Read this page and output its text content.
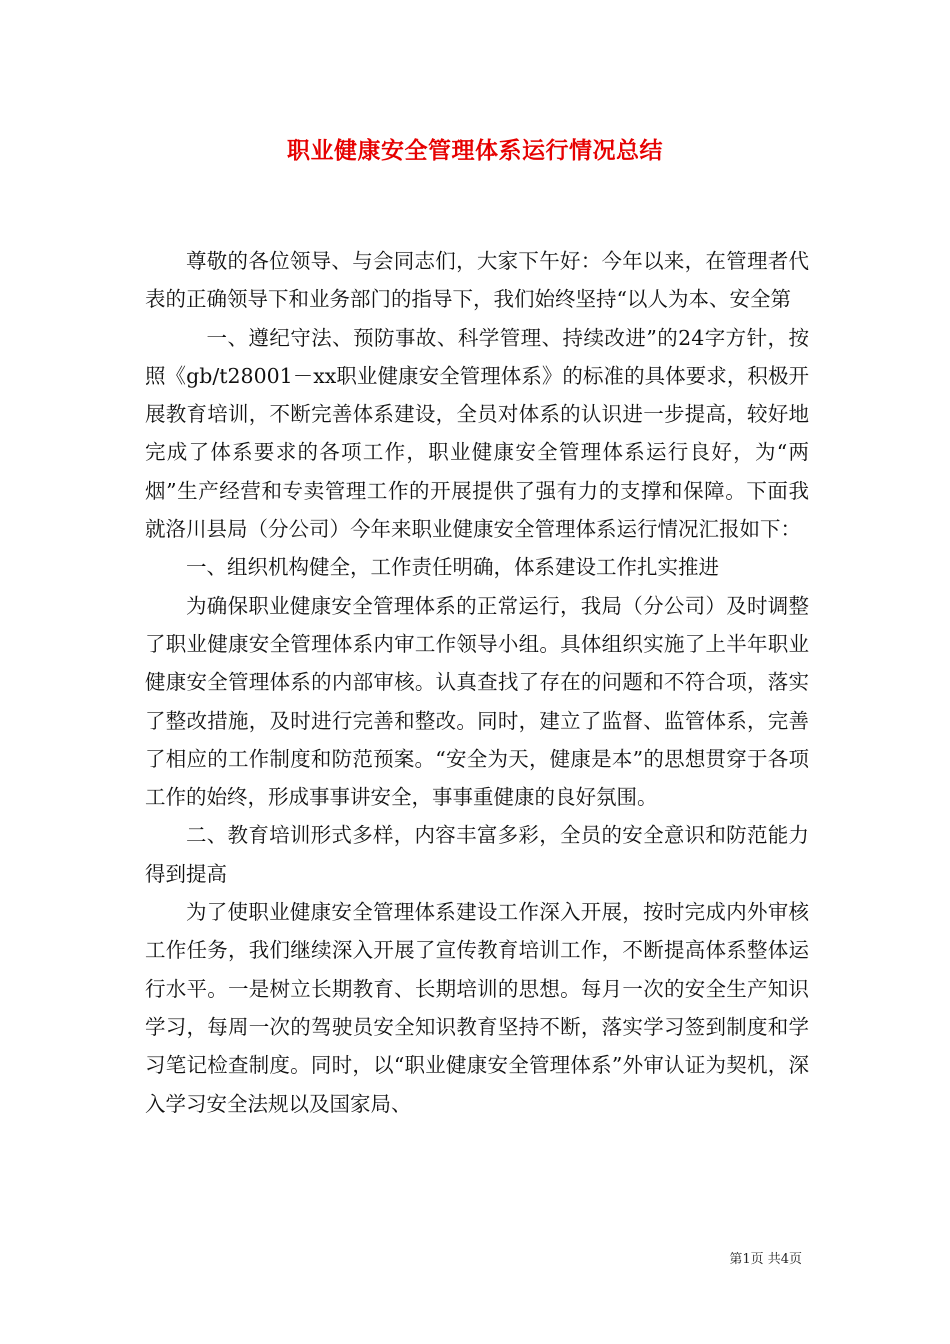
职业健康安全管理体系运行情况总结

尊敬的各位领导、与会同志们，大家下午好：今年以来，在管理者代表的正确领导下和业务部门的指导下，我们始终坚持“以人为本、安全第

一、遵纪守法、预防事故、科学管理、持续改进”的24字方针，按照《gb/t28001－xx职业健康安全管理体系》的标准的具体要求，积极开展教育培训，不断完善体系建设，全员对体系的认识进一步提高，较好地完成了体系要求的各项工作，职业健康安全管理体系运行良好，为“两烟”生产经营和专卖管理工作的开展提供了强有力的支撑和保障。下面我就洛川县局（分公司）今年来职业健康安全管理体系运行情况汇报如下：

一、组织机构健全，工作责任明确，体系建设工作扎实推进

为确保职业健康安全管理体系的正常运行，我局（分公司）及时调整了职业健康安全管理体系内审工作领导小组。具体组织实施了上半年职业健康安全管理体系的内部审核。认真查找了存在的问题和不符合项，落实了整改措施，及时进行完善和整改。同时，建立了监督、监管体系，完善了相应的工作制度和防范预案。“安全为天，健康是本”的思想贯穿于各项工作的始终，形成事事讲安全，事事重健康的良好氛围。

二、教育培训形式多样，内容丰富多彩，全员的安全意识和防范能力得到提高

为了使职业健康安全管理体系建设工作深入开展，按时完成内外审核工作任务，我们继续深入开展了宣传教育培训工作，不断提高体系整体运行水平。一是树立长期教育、长期培训的思想。每月一次的安全生产知识学习，每周一次的驾驶员安全知识教育坚持不断，落实学习签到制度和学习笔记检查制度。同时，以“职业健康安全管理体系”外审认证为契机，深入学习安全法规以及国家局、

第1页 共4页
